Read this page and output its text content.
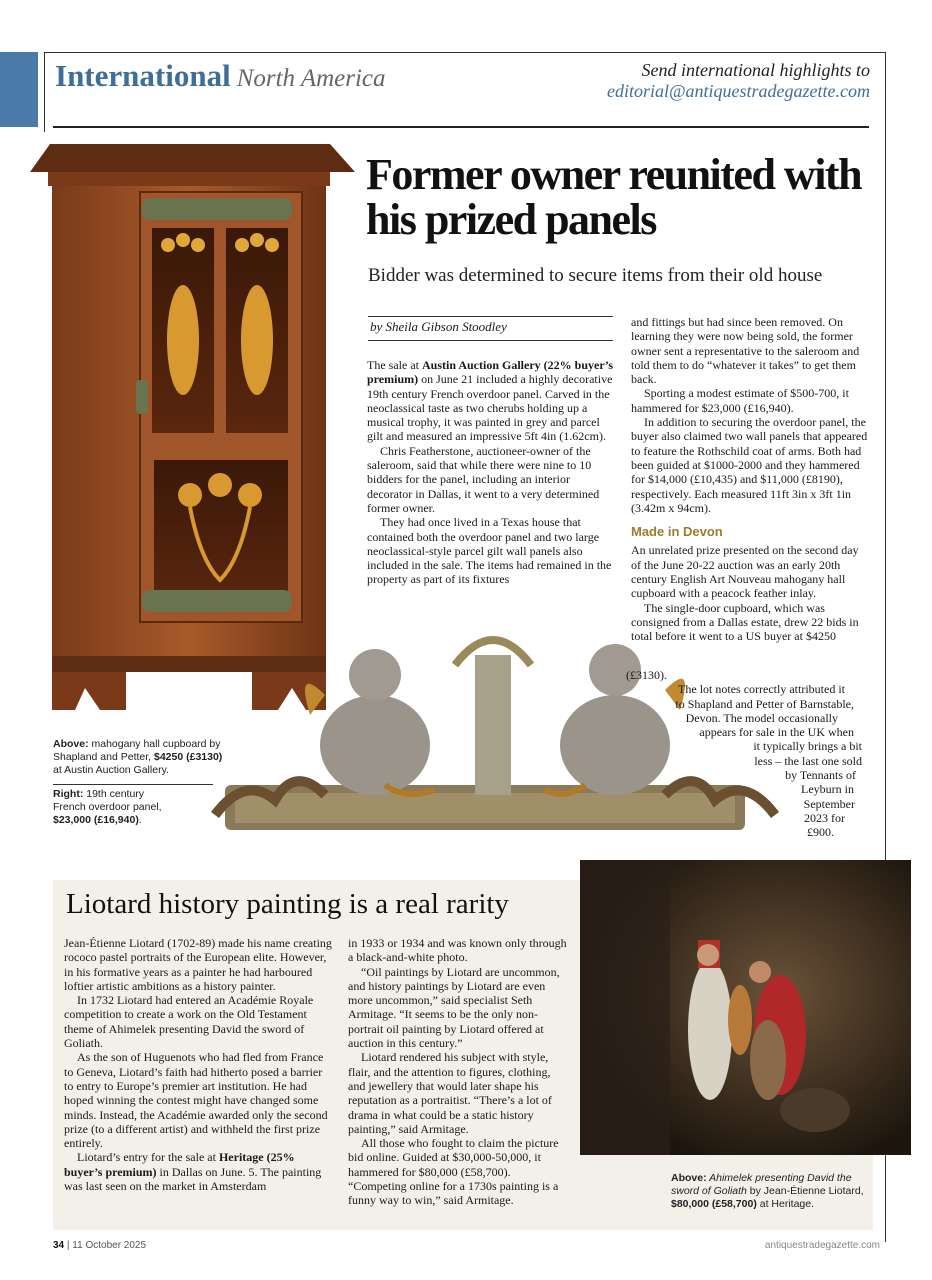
International North America	Send international highlights to
editorial@antiquestradegazette.com
Former owner reunited with his prized panels
Bidder was determined to secure items from their old house
by Sheila Gibson Stoodley

The sale at Austin Auction Gallery (22% buyer’s premium) on June 21 included a highly decorative 19th century French overdoor panel. Carved in the neoclassical taste as two cherubs holding up a musical trophy, it was painted in grey and parcel gilt and measured an impressive 5ft 4in (1.62cm).

Chris Featherstone, auctioneer-owner of the saleroom, said that while there were nine to 10 bidders for the panel, including an interior decorator in Dallas, it went to a very determined former owner.

They had once lived in a Texas house that contained both the overdoor panel and two large neoclassical-style parcel gilt wall panels also included in the sale. The items had remained in the property as part of its fixtures

and fittings but had since been removed. On learning they were now being sold, the former owner sent a representative to the saleroom and told them to do “whatever it takes” to get them back.

Sporting a modest estimate of $500-700, it hammered for $23,000 (£16,940).

In addition to securing the overdoor panel, the buyer also claimed two wall panels that appeared to feature the Rothschild coat of arms. Both had been guided at $1000-2000 and they hammered for $14,000 (£10,435) and $11,000 (£8190), respectively. Each measured 11ft 3in x 3ft 1in (3.42m x 94cm).

Made in Devon

An unrelated prize presented on the second day of the June 20-22 auction was an early 20th century English Art Nouveau mahogany hall cupboard with a peacock feather inlay.

The single-door cupboard, which was consigned from a Dallas estate, drew 22 bids in total before it went to a US buyer at $4250

(£3130).
The lot notes correctly attributed it
to Shapland and Petter of Barnstable,
Devon. The model occasionally
appears for sale in the UK when
it typically brings a bit
less – the last one sold
by Tennants of
Leyburn in
September
2023 for
£900.
Above: mahogany hall cupboard by Shapland and Petter, $4250 (£3130) at Austin Auction Gallery.
Right: 19th century French overdoor panel, $23,000 (£16,940).
Liotard history painting is a real rarity

Jean-Étienne Liotard (1702-89) made his name creating rococo pastel portraits of the European elite. However, in his formative years as a painter he had harboured loftier artistic ambitions as a history painter.

In 1732 Liotard had entered an Académie Royale competition to create a work on the Old Testament theme of Ahimelek presenting David the sword of Goliath.

As the son of Huguenots who had fled from France to Geneva, Liotard’s faith had hitherto posed a barrier to entry to Europe’s premier art institution. He had hoped winning the contest might have changed some minds. Instead, the Académie awarded only the second prize (to a different artist) and withheld the first prize entirely.

Liotard’s entry for the sale at Heritage (25% buyer’s premium) in Dallas on June. 5. The painting was last seen on the market in Amsterdam

in 1933 or 1934 and was known only through a black-and-white photo.

“Oil paintings by Liotard are uncommon, and history paintings by Liotard are even more uncommon,” said specialist Seth Armitage. “It seems to be the only non-portrait oil painting by Liotard offered at auction in this century.”

Liotard rendered his subject with style, flair, and the attention to figures, clothing, and jewellery that would later shape his reputation as a portraitist. “There’s a lot of drama in what could be a static history painting,” said Armitage.

All those who fought to claim the picture bid online. Guided at $30,000-50,000, it hammered for $80,000 (£58,700). “Competing online for a 1730s painting is a funny way to win,” said Armitage.

Above: Ahimelek presenting David the sword of Goliath by Jean-Étienne Liotard, $80,000 (£58,700) at Heritage.
34 | 11 October 2025	antiquestradegazette.com
